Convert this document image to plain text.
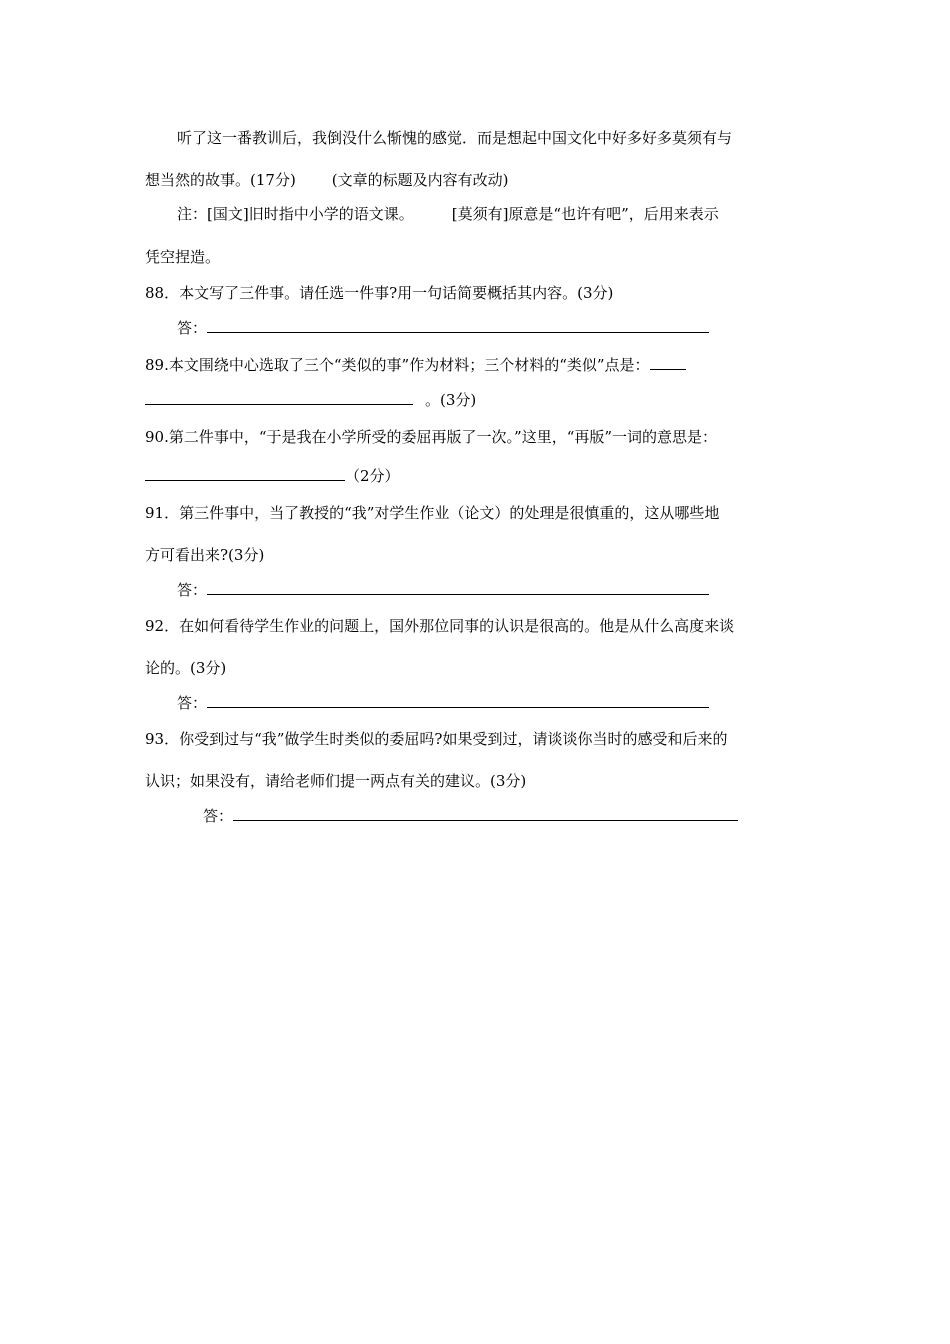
听了这一番教训后，我倒没什么惭愧的感觉．而是想起中国文化中好多好多莫须有与
想当然的故事。(17分) (文章的标题及内容有改动)
注：[国文]旧时指中小学的语文课。	[莫须有]原意是“也许有吧”，后用来表示
凭空捏造。
88．本文写了三件事。请任选一件事?用一句话简要概括其内容。(3分)
答：
89.本文围绕中心选取了三个“类似的事”作为材料；三个材料的“类似”点是：
。(3分)
90.第二件事中，“于是我在小学所受的委屈再版了一次。”这里，“再版”一词的意思是：
（2分）
91．第三件事中，当了教授的“我”对学生作业（论文）的处理是很慎重的，这从哪些地
方可看出来?(3分)
答：
92．在如何看待学生作业的问题上，国外那位同事的认识是很高的。他是从什么高度来谈
论的。(3分)
答：
93．你受到过与“我”做学生时类似的委屈吗?如果受到过，请谈谈你当时的感受和后来的
认识；如果没有，请给老师们提一两点有关的建议。(3分)
答：
